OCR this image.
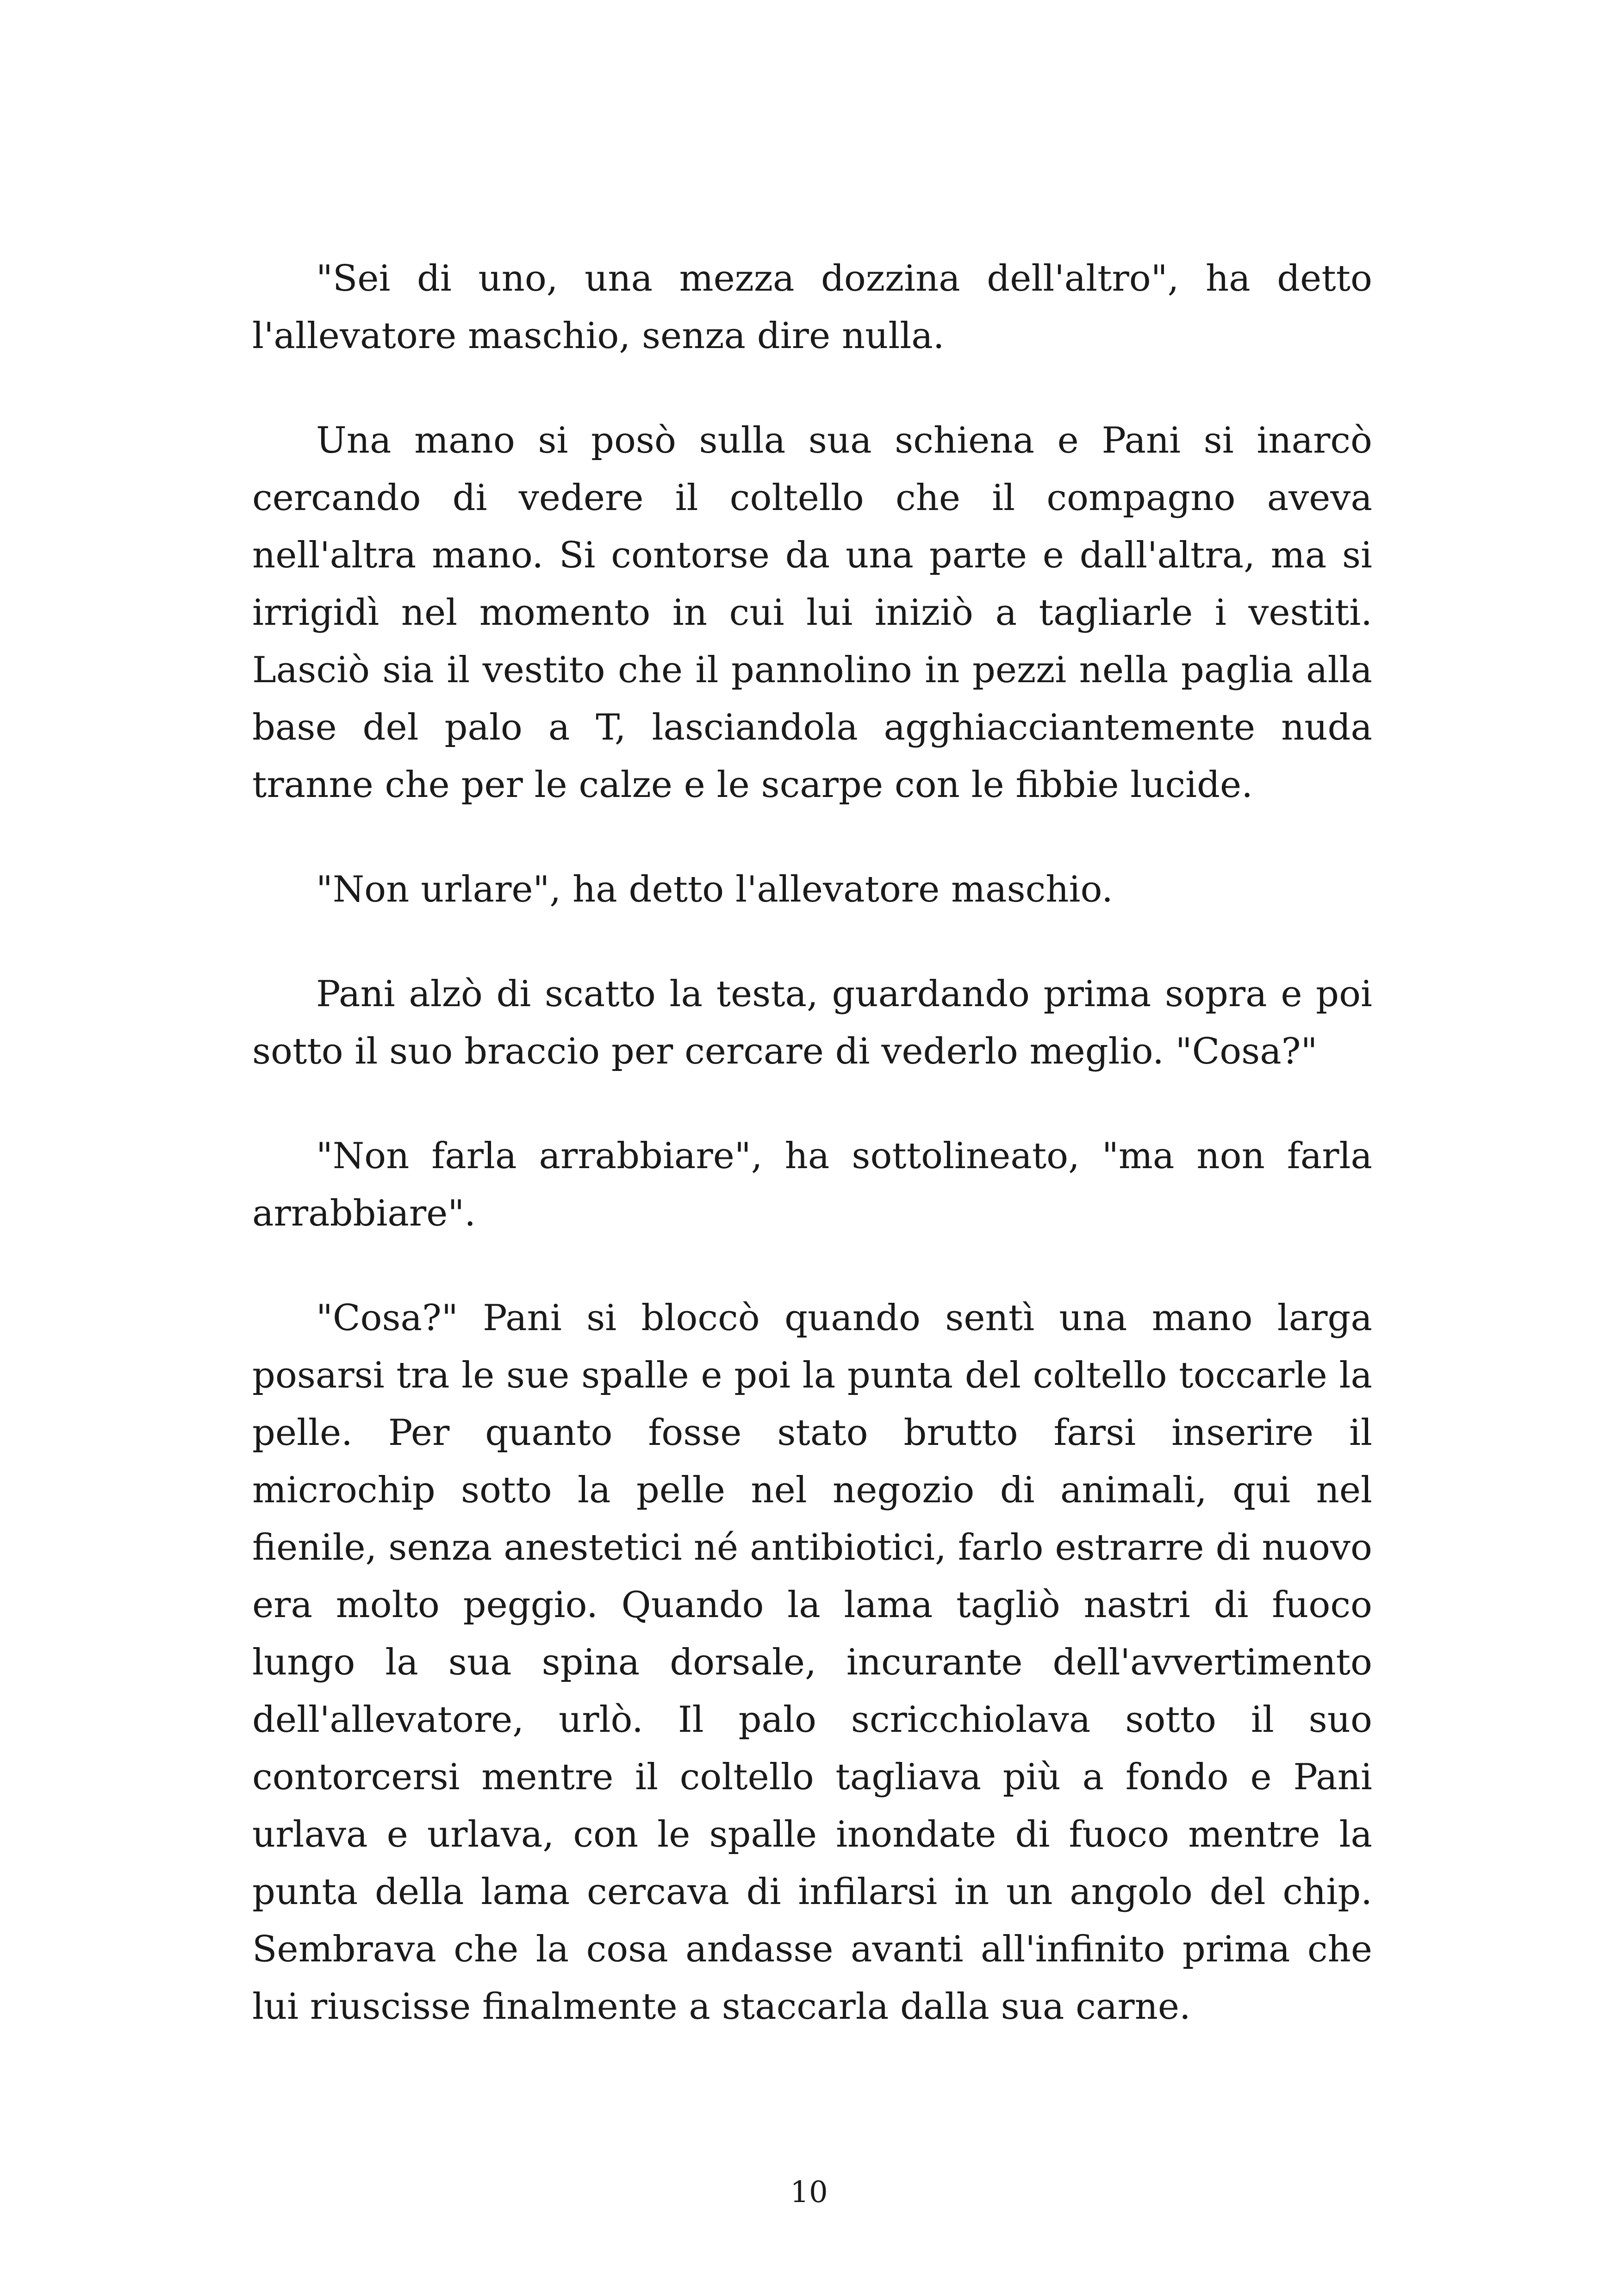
"Sei di uno, una mezza dozzina dell'altro", ha detto l'allevatore maschio, senza dire nulla.

Una mano si posò sulla sua schiena e Pani si inarcò cercando di vedere il coltello che il compagno aveva nell'altra mano. Si contorse da una parte e dall'altra, ma si irrigidì nel momento in cui lui iniziò a tagliarle i vestiti. Lasciò sia il vestito che il pannolino in pezzi nella paglia alla base del palo a T, lasciandola agghiacciantemente nuda tranne che per le calze e le scarpe con le fibbie lucide.

"Non urlare", ha detto l'allevatore maschio.

Pani alzò di scatto la testa, guardando prima sopra e poi sotto il suo braccio per cercare di vederlo meglio. "Cosa?"

"Non farla arrabbiare", ha sottolineato, "ma non farla arrabbiare".

"Cosa?" Pani si bloccò quando sentì una mano larga posarsi tra le sue spalle e poi la punta del coltello toccarle la pelle. Per quanto fosse stato brutto farsi inserire il microchip sotto la pelle nel negozio di animali, qui nel fienile, senza anestetici né antibiotici, farlo estrarre di nuovo era molto peggio. Quando la lama tagliò nastri di fuoco lungo la sua spina dorsale, incurante dell'avvertimento dell'allevatore, urlò. Il palo scricchiolava sotto il suo contorcersi mentre il coltello tagliava più a fondo e Pani urlava e urlava, con le spalle inondate di fuoco mentre la punta della lama cercava di infilarsi in un angolo del chip. Sembrava che la cosa andasse avanti all'infinito prima che lui riuscisse finalmente a staccarla dalla sua carne.

10
